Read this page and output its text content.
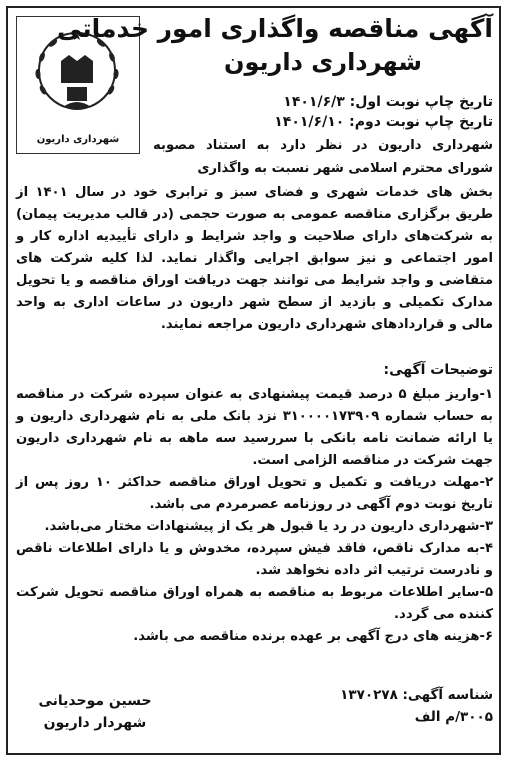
شهرداری داریون
آگهی مناقصه واگذاری امور خدماتی
شهرداری داریون
تاریخ چاپ نوبت اول: ۱۴۰۱/۶/۳
تاریخ چاپ نوبت دوم: ۱۴۰۱/۶/۱۰
شهرداری داریون در نظر دارد به استناد مصوبه شورای محترم اسلامی شهر نسبت به واگذاری
بخش های خدمات شهری و فضای سبز و ترابری خود در سال ۱۴۰۱ از طریق برگزاری مناقصه عمومی به صورت حجمی (در قالب مدیریت پیمان) به شرکت‌های دارای صلاحیت و واجد شرایط و دارای تأییدیه اداره کار و امور اجتماعی و نیز سوابق اجرایی واگذار نماید. لذا کلیه شرکت های متقاضی و واجد شرایط می توانند جهت دریافت اوراق مناقصه و یا تحویل مدارک تکمیلی و بازدید از سطح شهر داریون در ساعات اداری به واحد مالی و قراردادهای شهرداری داریون مراجعه نمایند.
توضیحات آگهی:

۱-واریز مبلغ ۵ درصد قیمت پیشنهادی به عنوان سپرده شرکت در مناقصه به حساب شماره ۳۱۰۰۰۰۱۷۳۹۰۹ نزد بانک ملی به نام شهرداری داریون و یا ارائه ضمانت نامه بانکی با سررسید سه ماهه به نام شهرداری داریون جهت شرکت در مناقصه الزامی است.

۲-مهلت دریافت و تکمیل و تحویل اوراق مناقصه حداکثر ۱۰ روز پس از تاریخ نوبت دوم آگهی در روزنامه عصرمردم می باشد.

۳-شهرداری داریون در رد یا قبول هر یک از پیشنهادات مختار می‌باشد.

۴-به مدارک ناقص، فاقد فیش سپرده، مخدوش و یا دارای اطلاعات ناقص و نادرست ترتیب اثر داده نخواهد شد.

۵-سایر اطلاعات مربوط به مناقصه به همراه اوراق مناقصه تحویل شرکت کننده می گردد.

۶-هزینه های درج آگهی بر عهده برنده مناقصه می باشد.

شناسه آگهی: ۱۳۷۰۲۷۸
۳۰۰۵/م الف
حسین موحدیانی
شهردار داریون
